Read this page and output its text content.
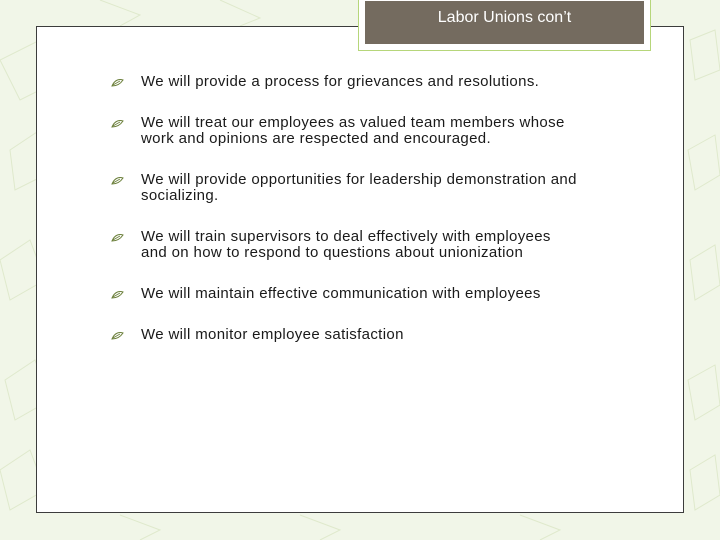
We will provide a process for grievances and resolutions.
We will treat our employees as valued team members whose
work and opinions are respected and encouraged.
We will provide opportunities for leadership demonstration and
socializing.
We will train supervisors to deal effectively with employees
and on how to respond to questions about unionization
We will maintain effective communication with employees
We will monitor employee satisfaction
Labor Unions con’t
